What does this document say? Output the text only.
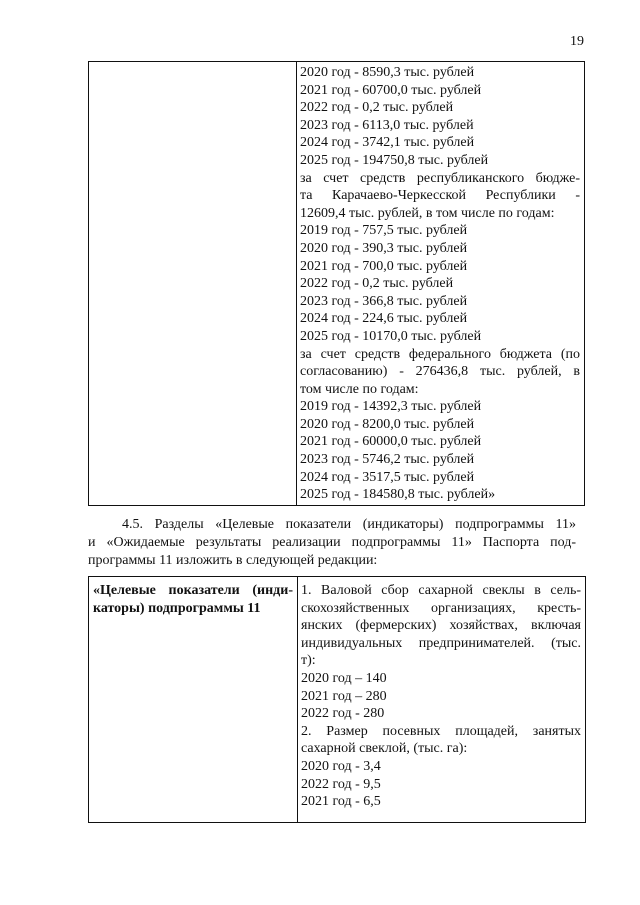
19

2020 год - 8590,3 тыс. рублей
2021 год - 60700,0 тыс. рублей
2022 год - 0,2 тыс. рублей
2023 год - 6113,0 тыс. рублей
2024 год - 3742,1 тыс. рублей
2025 год - 194750,8 тыс. рублей
за счет средств республиканского бюдже-
та Карачаево-Черкесской Республики -
12609,4 тыс. рублей, в том числе по годам:
2019 год - 757,5 тыс. рублей
2020 год - 390,3 тыс. рублей
2021 год - 700,0 тыс. рублей
2022 год - 0,2 тыс. рублей
2023 год - 366,8 тыс. рублей
2024 год - 224,6 тыс. рублей
2025 год - 10170,0 тыс. рублей
за счет средств федерального бюджета (по
согласованию) - 276436,8 тыс. рублей, в
том числе по годам:
2019 год - 14392,3 тыс. рублей
2020 год - 8200,0 тыс. рублей
2021 год - 60000,0 тыс. рублей
2023 год - 5746,2 тыс. рублей
2024 год - 3517,5 тыс. рублей
2025 год - 184580,8 тыс. рублей»
4.5. Разделы «Целевые показатели (индикаторы) подпрограммы 11»
и «Ожидаемые результаты реализации подпрограммы 11» Паспорта под-
программы 11 изложить в следующей редакции:
«Целевые показатели (инди-
каторы) подпрограммы 11

1. Валовой сбор сахарной свеклы в сель-
скохозяйственных организациях, кресть-
янских (фермерских) хозяйствах, включая
индивидуальных предпринимателей. (тыс.
т):
2020 год – 140
2021 год – 280
2022 год - 280
2. Размер посевных площадей, занятых
сахарной свеклой, (тыс. га):
2020 год - 3,4
2022 год - 9,5
2021 год - 6,5
